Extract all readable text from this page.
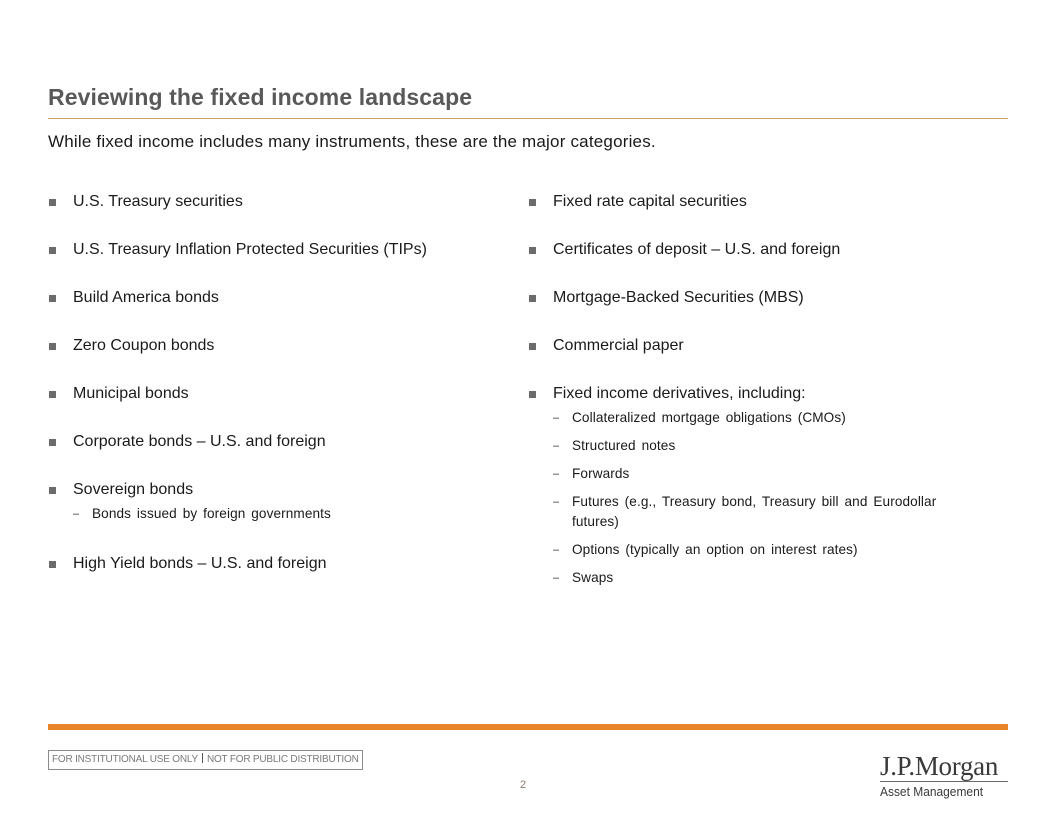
Reviewing the fixed income landscape
While fixed income includes many instruments, these are the major categories.
U.S. Treasury securities
U.S. Treasury Inflation Protected Securities (TIPs)
Build America bonds
Zero Coupon bonds
Municipal bonds
Corporate bonds – U.S. and foreign
Sovereign bonds
– Bonds issued by foreign governments
High Yield bonds – U.S. and foreign
Fixed rate capital securities
Certificates of deposit – U.S. and foreign
Mortgage-Backed Securities (MBS)
Commercial paper
Fixed income derivatives, including:
– Collateralized mortgage obligations (CMOs)
– Structured notes
– Forwards
– Futures (e.g., Treasury bond, Treasury bill and Eurodollar futures)
– Options (typically an option on interest rates)
– Swaps
FOR INSTITUTIONAL USE ONLY NOT FOR PUBLIC DISTRIBUTION
2
J.P.Morgan
Asset Management
